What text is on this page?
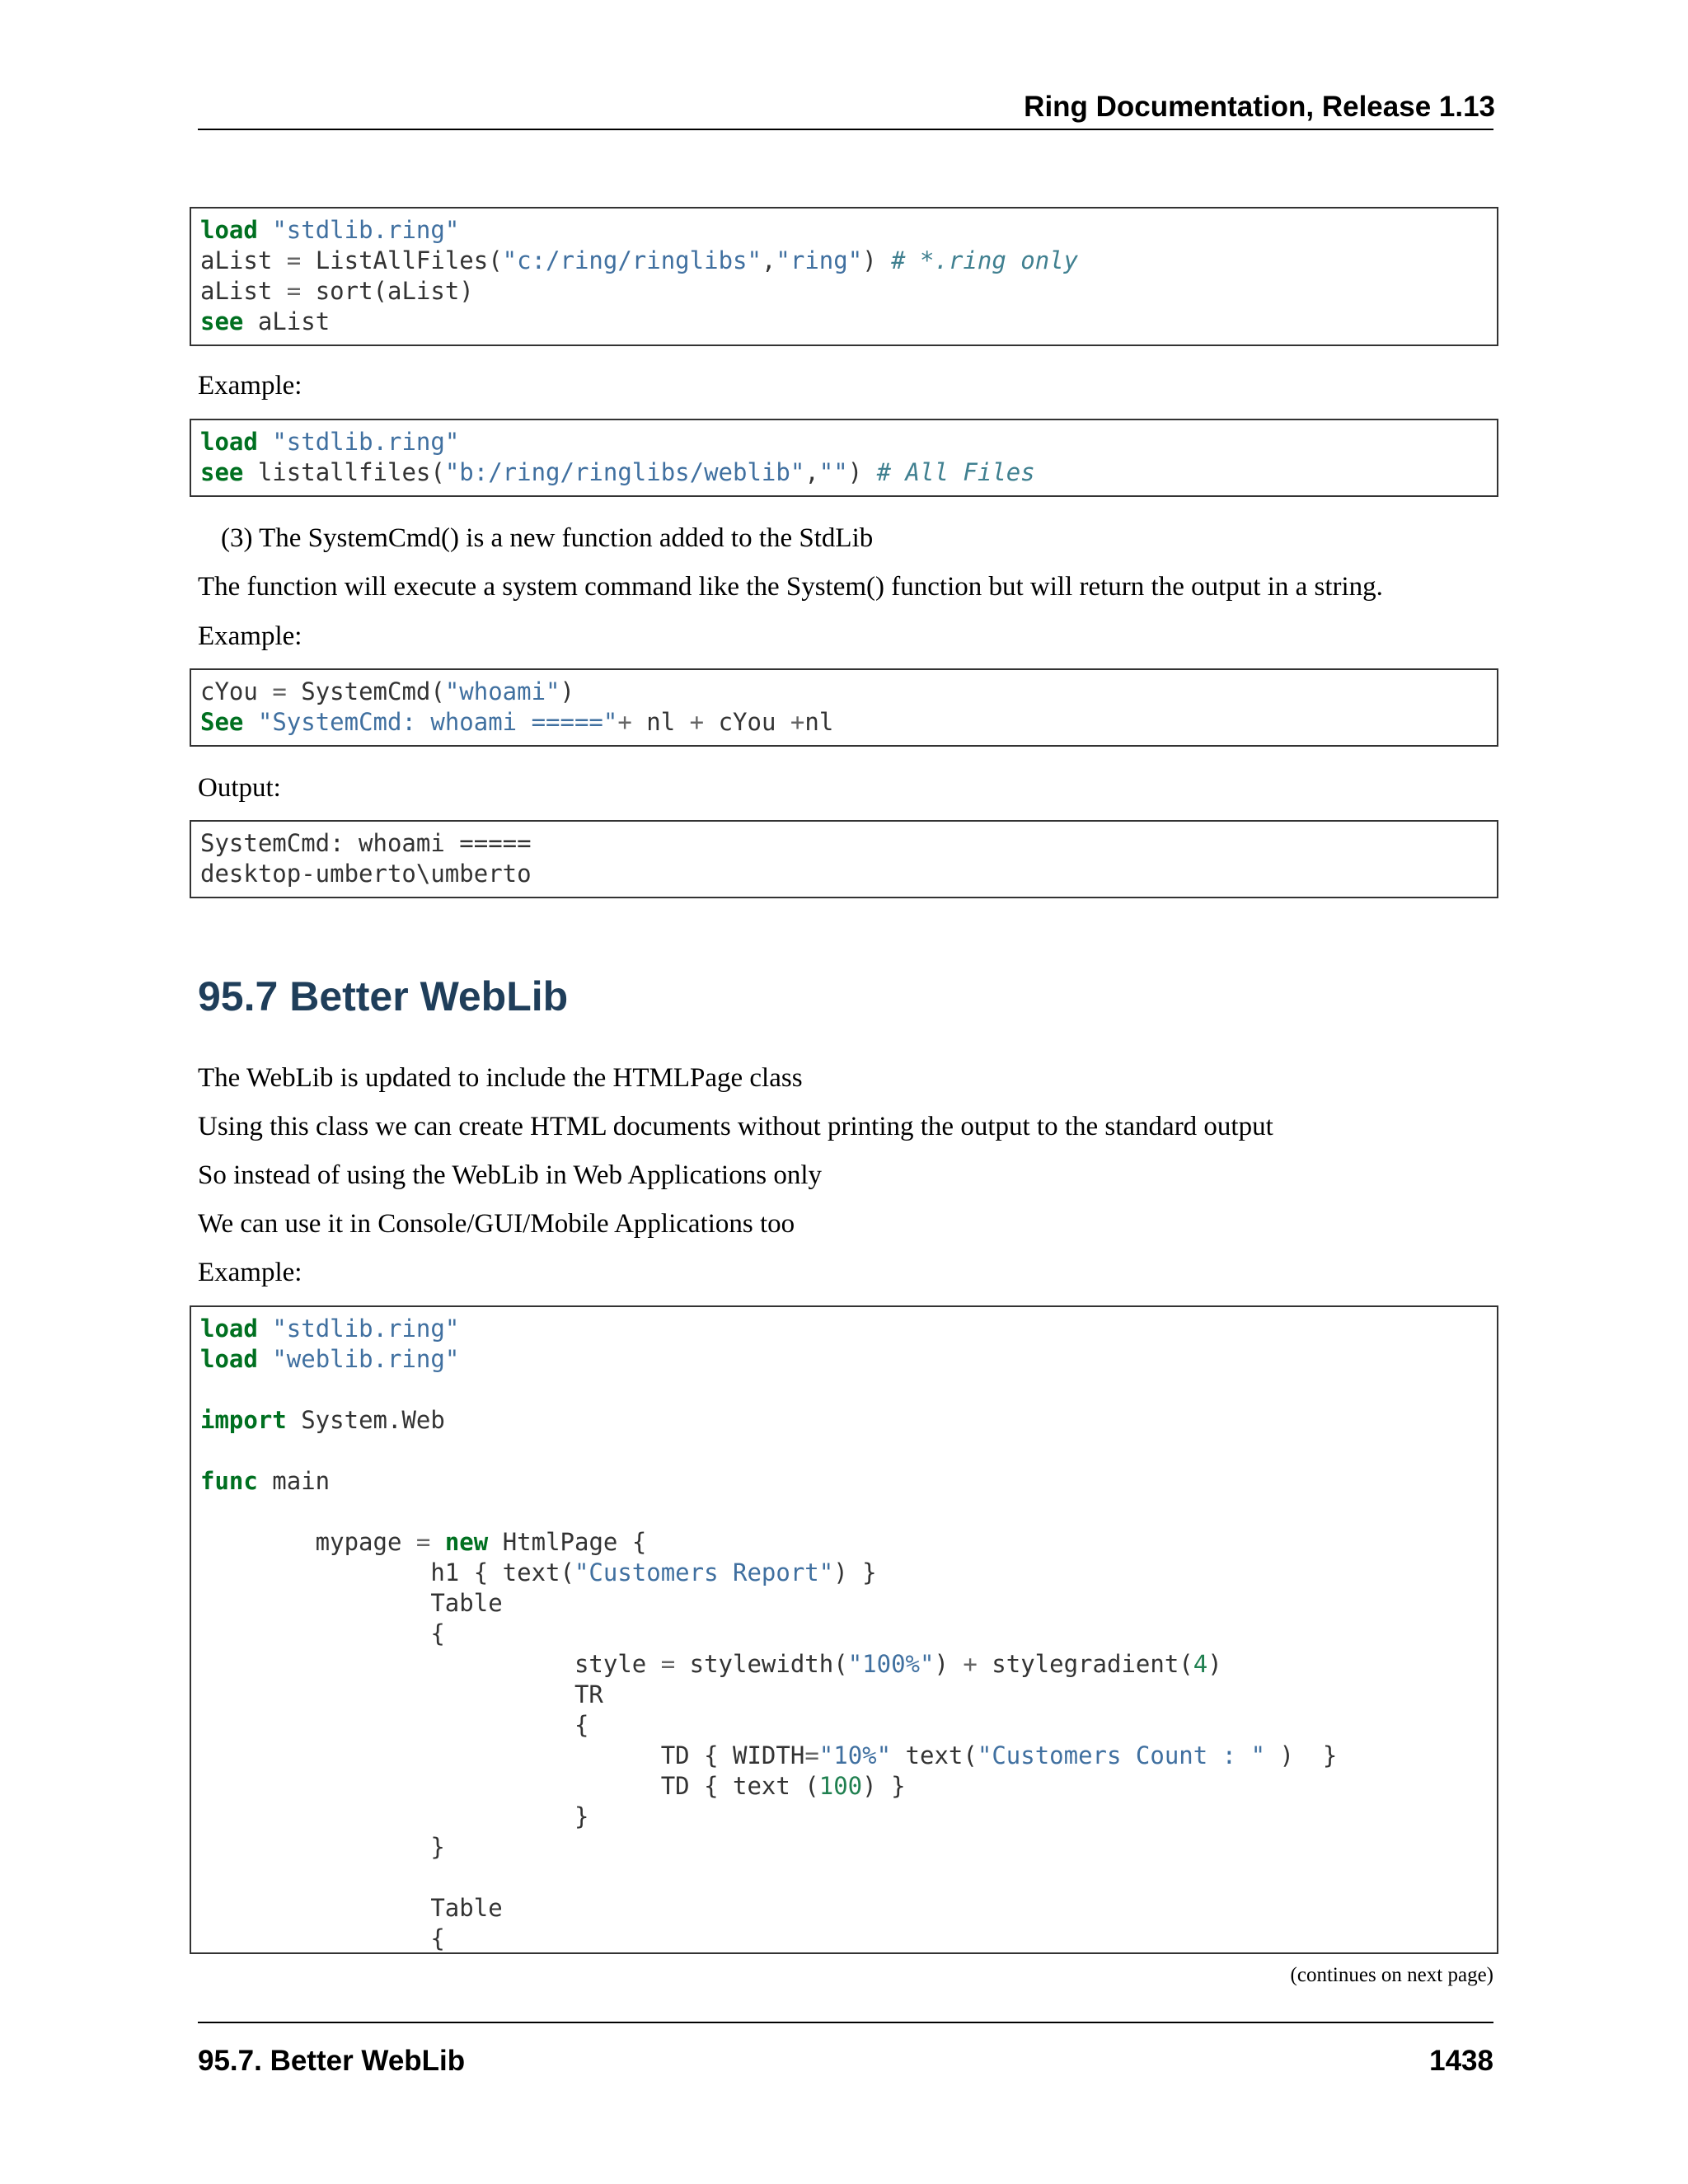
Ring Documentation, Release 1.13
load "stdlib.ring"
aList = ListAllFiles("c:/ring/ringlibs","ring") # *.ring only
aList = sort(aList)
see aList
Example:
load "stdlib.ring"
see listallfiles("b:/ring/ringlibs/weblib","") # All Files
(3) The SystemCmd() is a new function added to the StdLib
The function will execute a system command like the System() function but will return the output in a string.
Example:
cYou = SystemCmd("whoami")
See "SystemCmd: whoami ====="+ nl + cYou +nl
Output:
SystemCmd: whoami =====
desktop-umberto\umberto
95.7 Better WebLib
The WebLib is updated to include the HTMLPage class
Using this class we can create HTML documents without printing the output to the standard output
So instead of using the WebLib in Web Applications only
We can use it in Console/GUI/Mobile Applications too
Example:
load "stdlib.ring"
load "weblib.ring"

import System.Web

func main

mypage = new HtmlPage {
h1 { text("Customers Report") }
Table
{
style = stylewidth("100%") + stylegradient(4)
TR
{
TD { WIDTH="10%" text("Customers Count : " )  }
TD { text (100) }
}
}

Table
{
(continues on next page)
95.7. Better WebLib	1438
